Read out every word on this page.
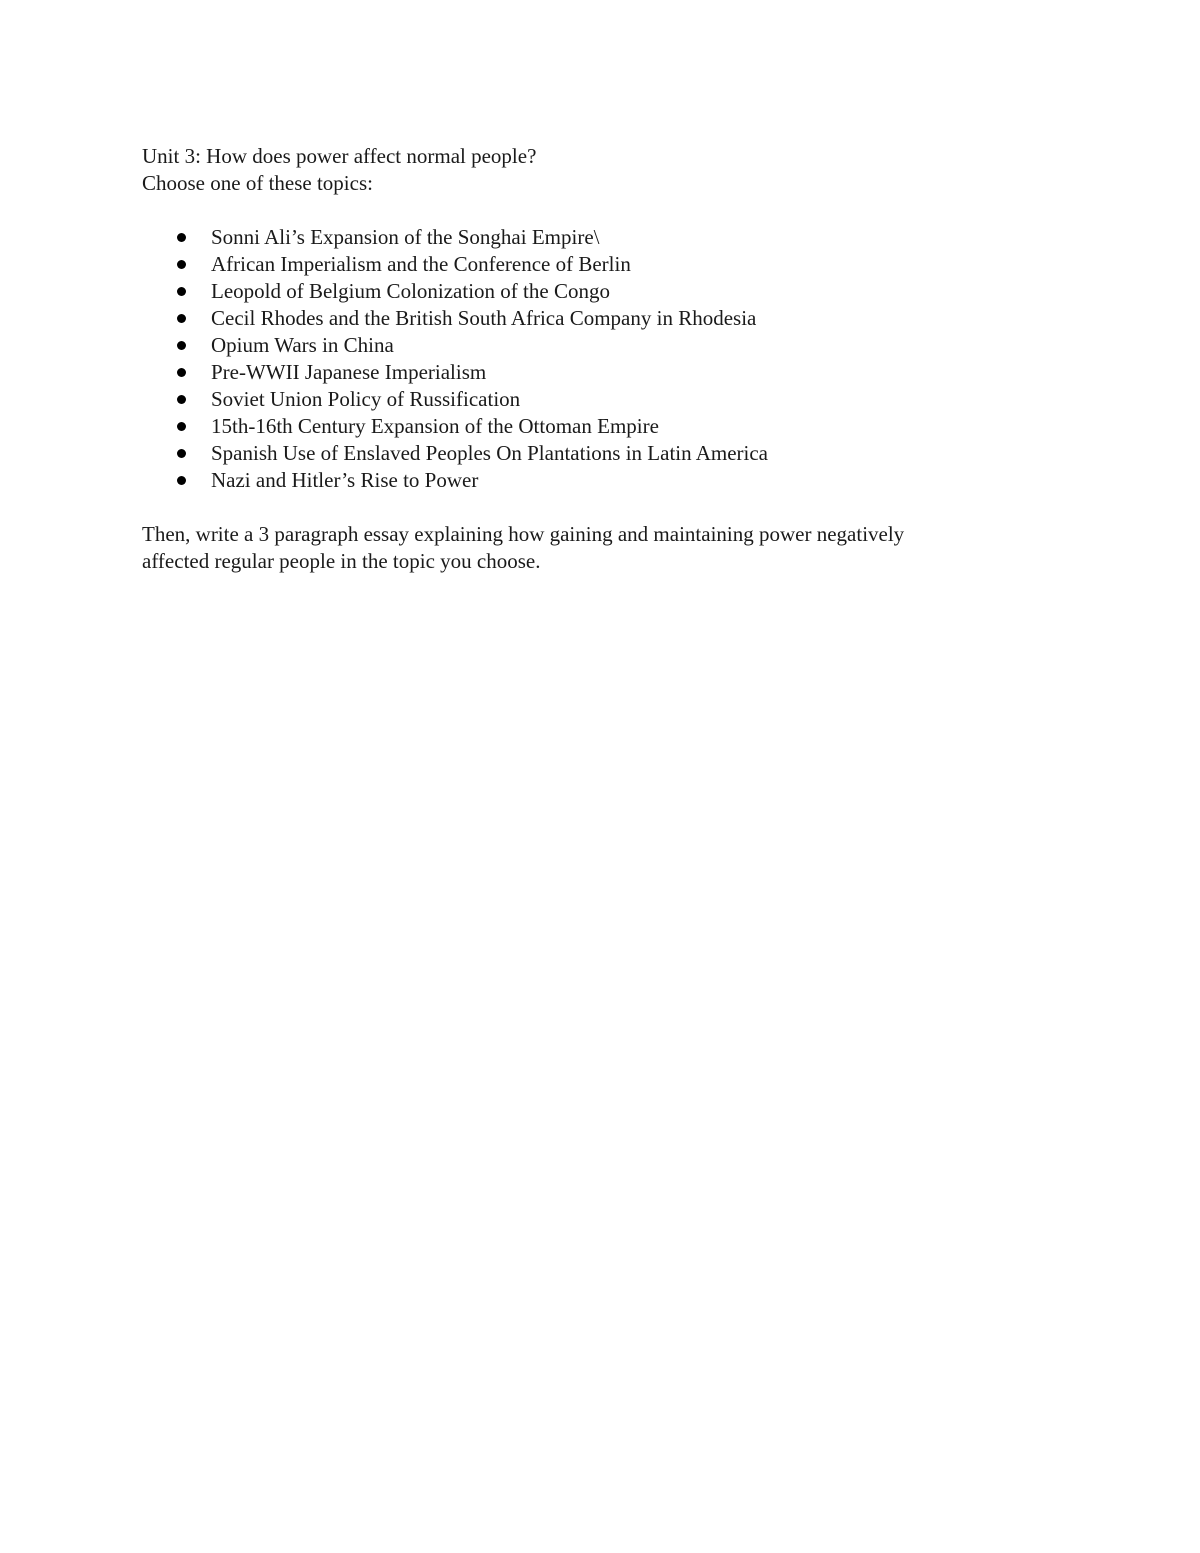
Unit 3: How does power affect normal people?

Choose one of these topics:

Sonni Ali’s Expansion of the Songhai Empire\
African Imperialism and the Conference of Berlin
Leopold of Belgium Colonization of the Congo
Cecil Rhodes and the British South Africa Company in Rhodesia
Opium Wars in China
Pre-WWII Japanese Imperialism
Soviet Union Policy of Russification
15th-16th Century Expansion of the Ottoman Empire
Spanish Use of Enslaved Peoples On Plantations in Latin America
Nazi and Hitler’s Rise to Power

Then, write a 3 paragraph essay explaining how gaining and maintaining power negatively

affected regular people in the topic you choose.
